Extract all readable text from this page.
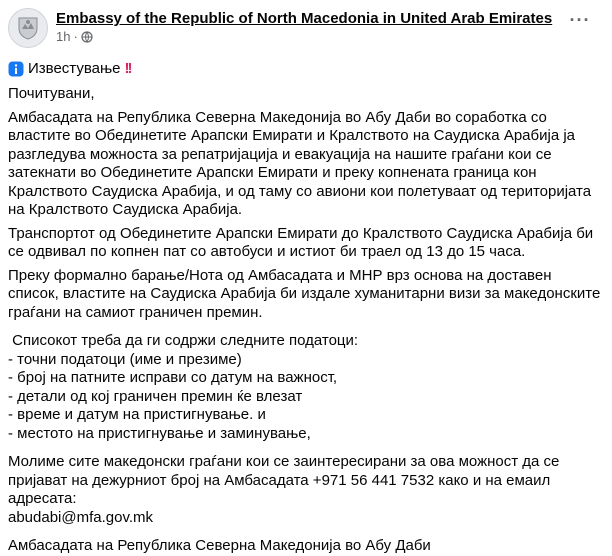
Embassy of the Republic of North Macedonia in United Arab Emirates
1h ·
···
Известување !!

Почитувани,

Амбасадата на Република Северна Македонија во Абу Даби во соработка со властите во Обединетите Арапски Емирати и Кралството на Саудиска Арабија ја разгледува можноста за репатриjација и евакуација на нашите граѓани кои се затекнати во Обединетите Арапски Емирати и преку копнената граница кон Кралството Саудиска Арабија, и од таму со авиони кои полетуваат од територијата на Кралството Саудиска Арабија.

Транспортот од Обединетите Арапски Емирати до Кралството Саудиска Арабија би се одвивал по копнен пат со автобуси и истиот би траел од 13 до 15 часа.

Преку формално барање/Нота од Амбасадата и МНР врз основа на доставен список, властите на Саудиска Арабија би издале хуманитарни визи за македонските граѓани на самиот граничен премин.

Списокот треба да ги содржи следните податоци:
- точни податоци (име и презиме)
- број на патните исправи со датум на важност,
- детали од кој граничен премин ќе влезат
- време и датум на пристигнување. и
- местото на пристигнување и заминување,

Молиме сите македонски граѓани кои се заинтересирани за ова можност да се пријават на дежурниот број на Амбасадата +971 56 441 7532 како и на емаил адресата:

abudabi@mfa.gov.mk

Амбасадата на Република Северна Македонија во Абу Даби
